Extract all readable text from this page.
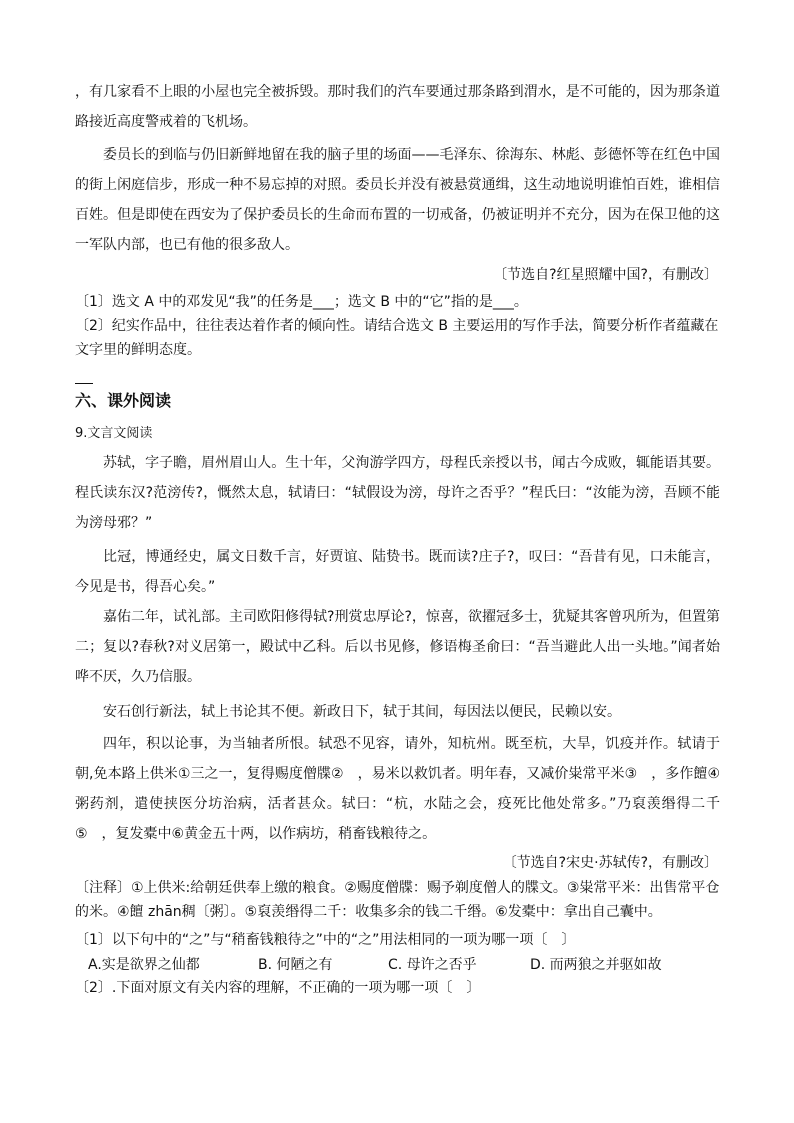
，有几家看不上眼的小屋也完全被拆毁。那时我们的汽车要通过那条路到渭水，是不可能的，因为那条道路接近高度警戒着的飞机场。

委员长的到临与仍旧新鲜地留在我的脑子里的场面——毛泽东、徐海东、林彪、彭德怀等在红色中国的街上闲庭信步，形成一种不易忘掉的对照。委员长并没有被悬赏通缉，这生动地说明谁怕百姓，谁相信百姓。但是即使在西安为了保护委员长的生命而布置的一切戒备，仍被证明并不充分，因为在保卫他的这一军队内部，也已有他的很多敌人。

〔节选自?红星照耀中国?，有删改〕

〔1〕选文 A 中的邓发见“我”的任务是___；选文 B 中的“它”指的是___。

〔2〕纪实作品中，往往表达着作者的倾向性。请结合选文 B 主要运用的写作手法，简要分析作者蕴藏在文字里的鲜明态度。

六、课外阅读

9.文言文阅读

苏轼，字子瞻，眉州眉山人。生十年，父洵游学四方，母程氏亲授以书，闻古今成败，辄能语其要。程氏读东汉?范滂传?，慨然太息，轼请曰：“轼假设为滂，母许之否乎？”程氏曰：“汝能为滂，吾顾不能为滂母邪？”

比冠，博通经史，属文日数千言，好贾谊、陆贽书。既而读?庄子?，叹曰：“吾昔有见，口未能言，今见是书，得吾心矣。”

嘉佑二年，试礼部。主司欧阳修得轼?刑赏忠厚论?，惊喜，欲擢冠多士，犹疑其客曾巩所为，但置第二；复以?春秋?对义居第一，殿试中乙科。后以书见修，修语梅圣俞曰：“吾当避此人出一头地。”闻者始哗不厌，久乃信服。

安石创行新法，轼上书论其不便。新政日下，轼于其间，每因法以便民，民赖以安。

四年，积以论事，为当轴者所恨。轼恐不见容，请外，知杭州。既至杭，大旱，饥疫并作。轼请于朝,免本路上供米①三之一，复得赐度僧牒②　，易米以救饥者。明年春，又减价粜常平米③　，多作饘④粥药剂，遣使挟医分坊治病，活者甚众。轼曰：“杭，水陆之会，疫死比他处常多。”乃裒羡缗得二千⑤　，复发橐中⑥黄金五十两，以作病坊，稍畜钱粮待之。

〔节选自?宋史·苏轼传?，有删改〕

〔注释〕①上供米:给朝廷供奉上缴的粮食。②赐度僧牒：赐予剃度僧人的牒文。③粜常平米：出售常平仓的米。④饘 zhān稠〔粥〕。⑤裒羡缗得二千：收集多余的钱二千缗。⑥发橐中：拿出自己囊中。

〔1〕以下句中的“之”与“稍畜钱粮待之”中的“之”用法相同的一项为哪一项〔　〕

A.实是欲界之仙都	B. 何陋之有	C. 母许之否乎	D. 而两狼之并驱如故

〔2〕.下面对原文有关内容的理解，不正确的一项为哪一项〔　〕
